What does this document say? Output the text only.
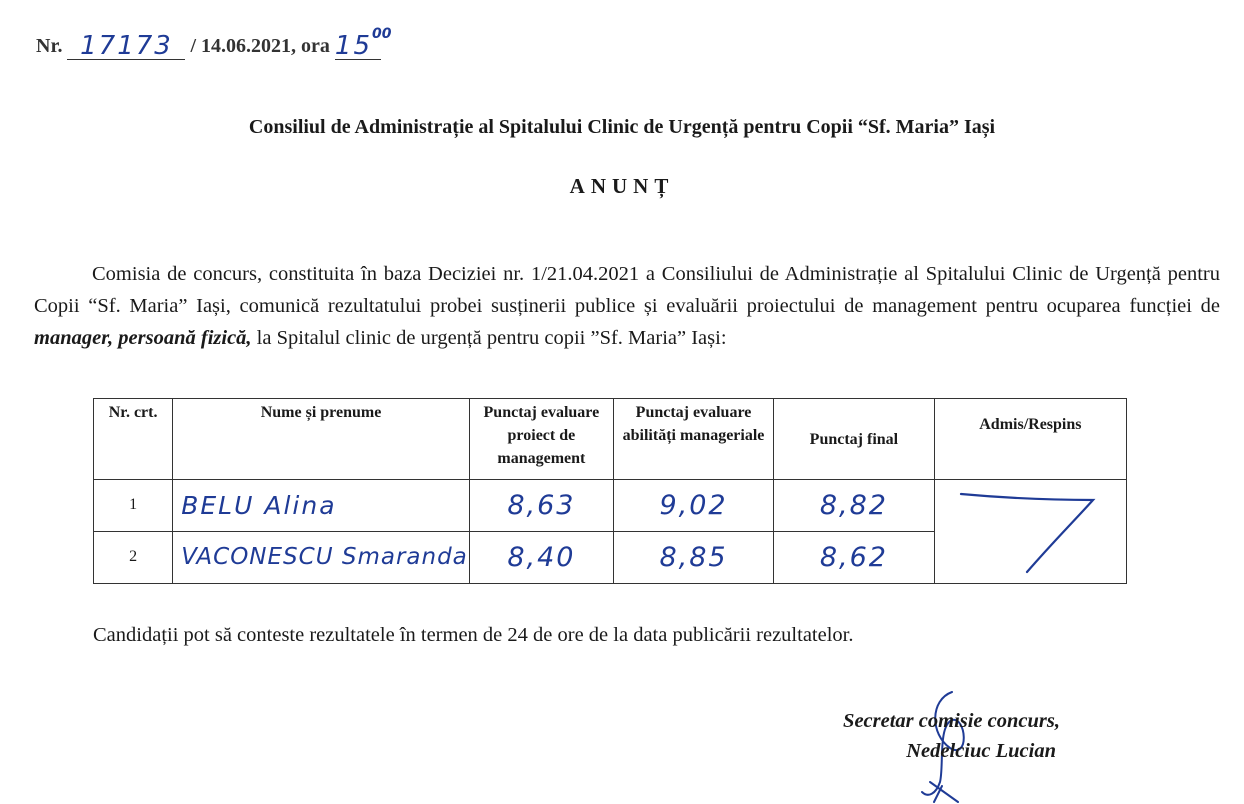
Nr. 17173 / 14.06.2021, ora $15^{00}$
Consiliul de Administrație al Spitalului Clinic de Urgență pentru Copii “Sf. Maria” Iași
ANUNȚ
Comisia de concurs, constituita în baza Deciziei nr. 1/21.04.2021 a Consiliului de Administrație al Spitalului Clinic de Urgență pentru Copii “Sf. Maria” Iași, comunică rezultatului probei susținerii publice și evaluării proiectului de management pentru ocuparea funcției de manager, persoană fizică, la Spitalul clinic de urgență pentru copii ”Sf. Maria” Iași:
Nr. crt.	Nume și prenume	Punctaj evaluare proiect de management	Punctaj evaluare abilități manageriale	Punctaj final	Admis/Respins
1	BELU Alina	8,63	9,02	8,82	

2	VACONESCU Smaranda	8,40	8,85	8,62	
Candidații pot să conteste rezultatele în termen de 24 de ore de la data publicării rezultatelor.
Secretar comisie concurs,
Nedelciuc Lucian
